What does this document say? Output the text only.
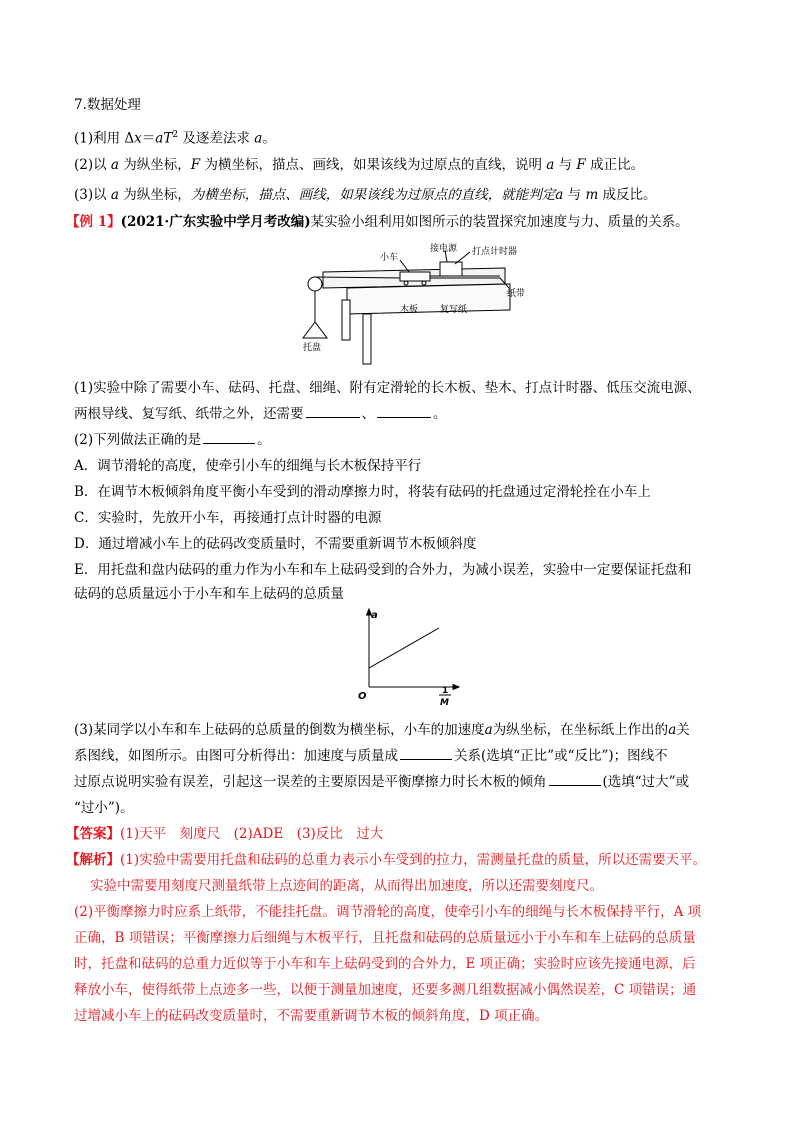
7.数据处理
(1)利用 $\Delta x=aT^2$ 及逐差法求 a。
(2)以 a 为纵坐标，F 为横坐标，描点、画线，如果该线为过原点的直线，说明 a 与 F 成正比。
(3)以 a 为纵坐标，为横坐标，描点、画线，如果该线为过原点的直线，就能判定a 与 m 成反比。
【例 1】(2021·广东实验中学月考改编)某实验小组利用如图所示的装置探究加速度与力、质量的关系。
接电源 打点计时器
小车
纸带
木板 复写纸
托盘
(1)实验中除了需要小车、砝码、托盘、细绳、附有定滑轮的长木板、垫木、打点计时器、低压交流电源、
两根导线、复写纸、纸带之外，还需要	、	。
(2)下列做法正确的是	。
A．调节滑轮的高度，使牵引小车的细绳与长木板保持平行
B．在调节木板倾斜角度平衡小车受到的滑动摩擦力时，将装有砝码的托盘通过定滑轮拴在小车上
C．实验时，先放开小车，再接通打点计时器的电源
D．通过增减小车上的砝码改变质量时，不需要重新调节木板倾斜度
E．用托盘和盘内砝码的重力作为小车和车上砝码受到的合外力，为减小误差，实验中一定要保证托盘和
砝码的总质量远小于小车和车上砝码的总质量
a
O	1
M
(3)某同学以小车和车上砝码的总质量的倒数为横坐标，小车的加速度a为纵坐标，在坐标纸上作出的a关
系图线，如图所示。由图可分析得出：加速度与质量成	关系(选填“正比”或“反比”)；图线不
过原点说明实验有误差，引起这一误差的主要原因是平衡摩擦力时长木板的倾角	(选填“过大”或
“过小”)。
【答案】(1)天平　刻度尺　(2)ADE　(3)反比　过大
【解析】(1)实验中需要用托盘和砝码的总重力表示小车受到的拉力，需测量托盘的质量，所以还需要天平。
实验中需要用刻度尺测量纸带上点迹间的距离，从而得出加速度，所以还需要刻度尺。
(2)平衡摩擦力时应系上纸带，不能挂托盘。调节滑轮的高度，使牵引小车的细绳与长木板保持平行，A 项
正确，B 项错误；平衡摩擦力后细绳与木板平行，且托盘和砝码的总质量远小于小车和车上砝码的总质量
时，托盘和砝码的总重力近似等于小车和车上砝码受到的合外力，E 项正确；实验时应该先接通电源，后
释放小车，使得纸带上点迹多一些，以便于测量加速度，还要多测几组数据减小偶然误差，C 项错误；通
过增减小车上的砝码改变质量时，不需要重新调节木板的倾斜角度，D 项正确。
